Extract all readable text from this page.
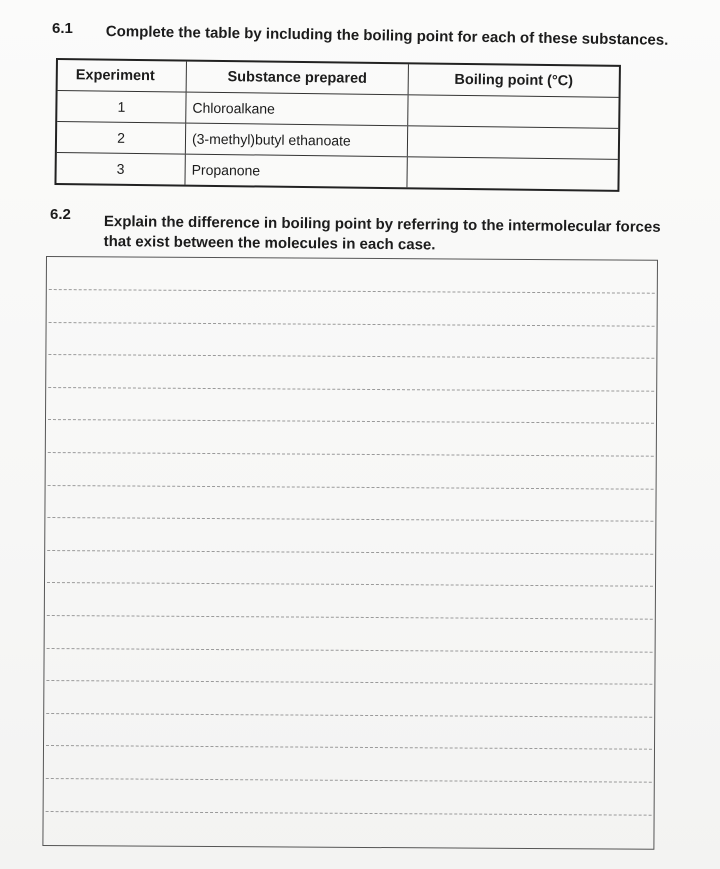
6.1 Complete the table by including the boiling point for each of these substances.
Experiment	Substance prepared	Boiling point (°C)
1	Chloroalkane
2	(3-methyl)butyl ethanoate
3	Propanone
6.2 Explain the difference in boiling point by referring to the intermolecular forces that exist between the molecules in each case.
